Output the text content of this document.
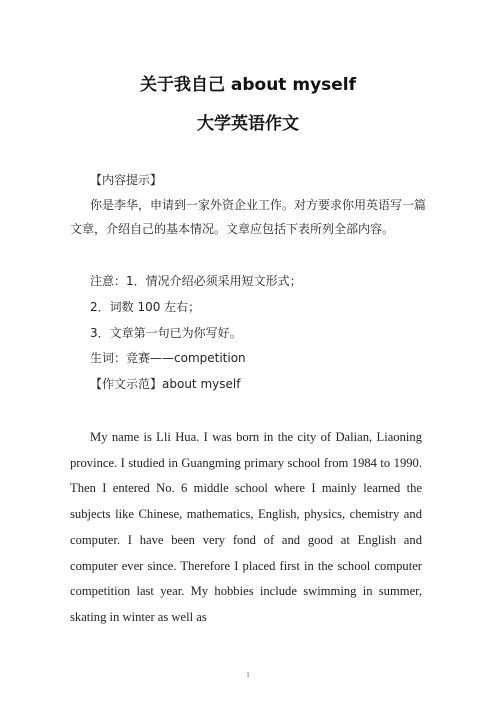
关于我自己 about myself
大学英语作文
【内容提示】
你是李华，申请到一家外资企业工作。对方要求你用英语写一篇
文章，介绍自己的基本情况。文章应包括下表所列全部内容。
注意：1．情况介绍必须采用短文形式；
2．词数 100 左右；
3．文章第一句已为你写好。
生词：竞赛——competition
【作文示范】about myself

My name is Lli Hua. I was born in the city of Dalian, Liaoning province. I studied in Guangming primary school from 1984 to 1990. Then I entered No. 6 middle school where I mainly learned the subjects like Chinese, mathematics, English, physics, chemistry and computer. I have been very fond of and good at English and computer ever since. Therefore I placed first in the school computer competition last year. My hobbies include swimming in summer, skating in winter as well as

1
